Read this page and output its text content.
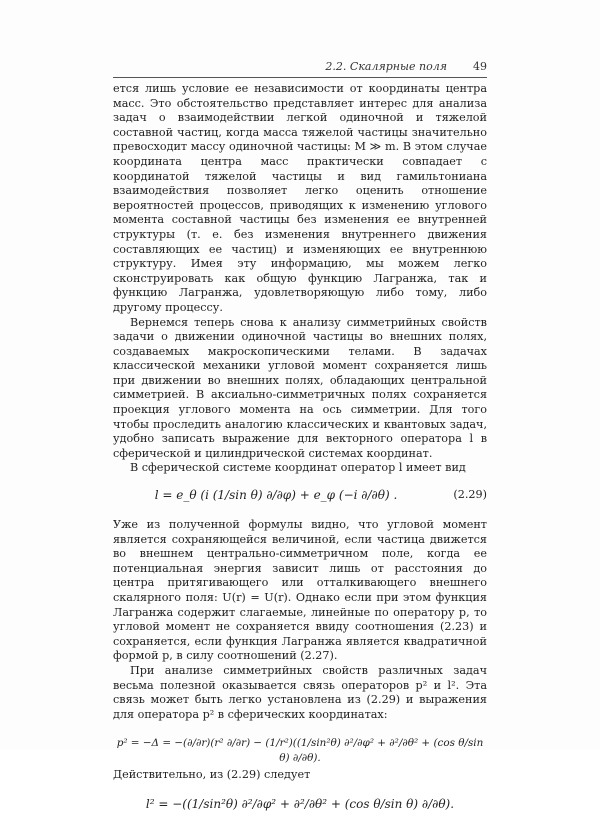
2.2. Скалярные поля 49

ется лишь условие ее независимости от координаты центра масс. Это обстоятельство представляет интерес для анализа задач о взаимодействии легкой одиночной и тяжелой составной частиц, когда масса тяжелой частицы значительно превосходит массу одиночной частицы: M ≫ m. В этом случае координата центра масс практически совпадает с координатой тяжелой частицы и вид гамильтониана взаимодействия позволяет легко оценить отношение вероятностей процессов, приводящих к изменению углового момента составной частицы без изменения ее внутренней структуры (т. е. без изменения внутреннего движения составляющих ее частиц) и изменяющих ее внутреннюю структуру. Имея эту информацию, мы можем легко сконструировать как общую функцию Лагранжа, так и функцию Лагранжа, удовлетворяющую либо тому, либо другому процессу.

Вернемся теперь снова к анализу симметрийных свойств задачи о движении одиночной частицы во внешних полях, создаваемых макроскопическими телами. В задачах классической механики угловой момент сохраняется лишь при движении во внешних полях, обладающих центральной симметрией. В аксиально-симметричных полях сохраняется проекция углового момента на ось симметрии. Для того чтобы проследить аналогию классических и квантовых задач, удобно записать выражение для векторного оператора l в сферической и цилиндрической системах координат.

В сферической системе координат оператор l имеет вид

l = e_θ (i (1/sin θ) ∂/∂φ) + e_φ (−i ∂/∂θ) .	(2.29)

Уже из полученной формулы видно, что угловой момент является сохраняющейся величиной, если частица движется во внешнем центрально-симметричном поле, когда ее потенциальная энергия зависит лишь от расстояния до центра притягивающего или отталкивающего внешнего скалярного поля: U(r) = U(r). Однако если при этом функция Лагранжа содержит слагаемые, линейные по оператору p, то угловой момент не сохраняется ввиду соотношения (2.23) и сохраняется, если функция Лагранжа является квадратичной формой p, в силу соотношений (2.27).

При анализе симметрийных свойств различных задач весьма полезной оказывается связь операторов p² и l². Эта связь может быть легко установлена из (2.29) и выражения для оператора p² в сферических координатах:

p² = −Δ = −(∂/∂r)(r² ∂/∂r) − (1/r²)((1/sin²θ) ∂²/∂φ² + ∂²/∂θ² + (cos θ/sin θ) ∂/∂θ).

Действительно, из (2.29) следует

l² = −((1/sin²θ) ∂²/∂φ² + ∂²/∂θ² + (cos θ/sin θ) ∂/∂θ).
